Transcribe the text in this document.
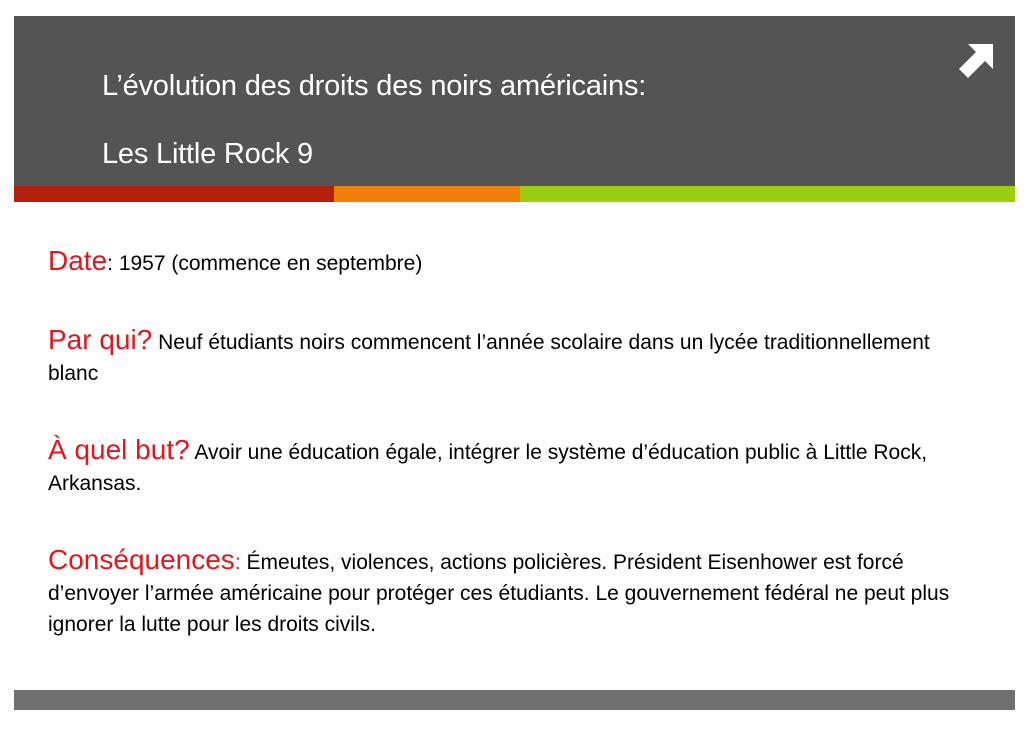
L’évolution des droits des noirs américains:
Les Little Rock 9

Date: 1957 (commence en septembre)

Par qui? Neuf étudiants noirs commencent l’année scolaire dans un lycée traditionnellement blanc

À quel but? Avoir une éducation égale, intégrer le système d’éducation public à Little Rock, Arkansas.

Conséquences: Émeutes, violences, actions policières. Président Eisenhower est forcé d’envoyer l’armée américaine pour protéger ces étudiants. Le gouvernement fédéral ne peut plus ignorer la lutte pour les droits civils.
